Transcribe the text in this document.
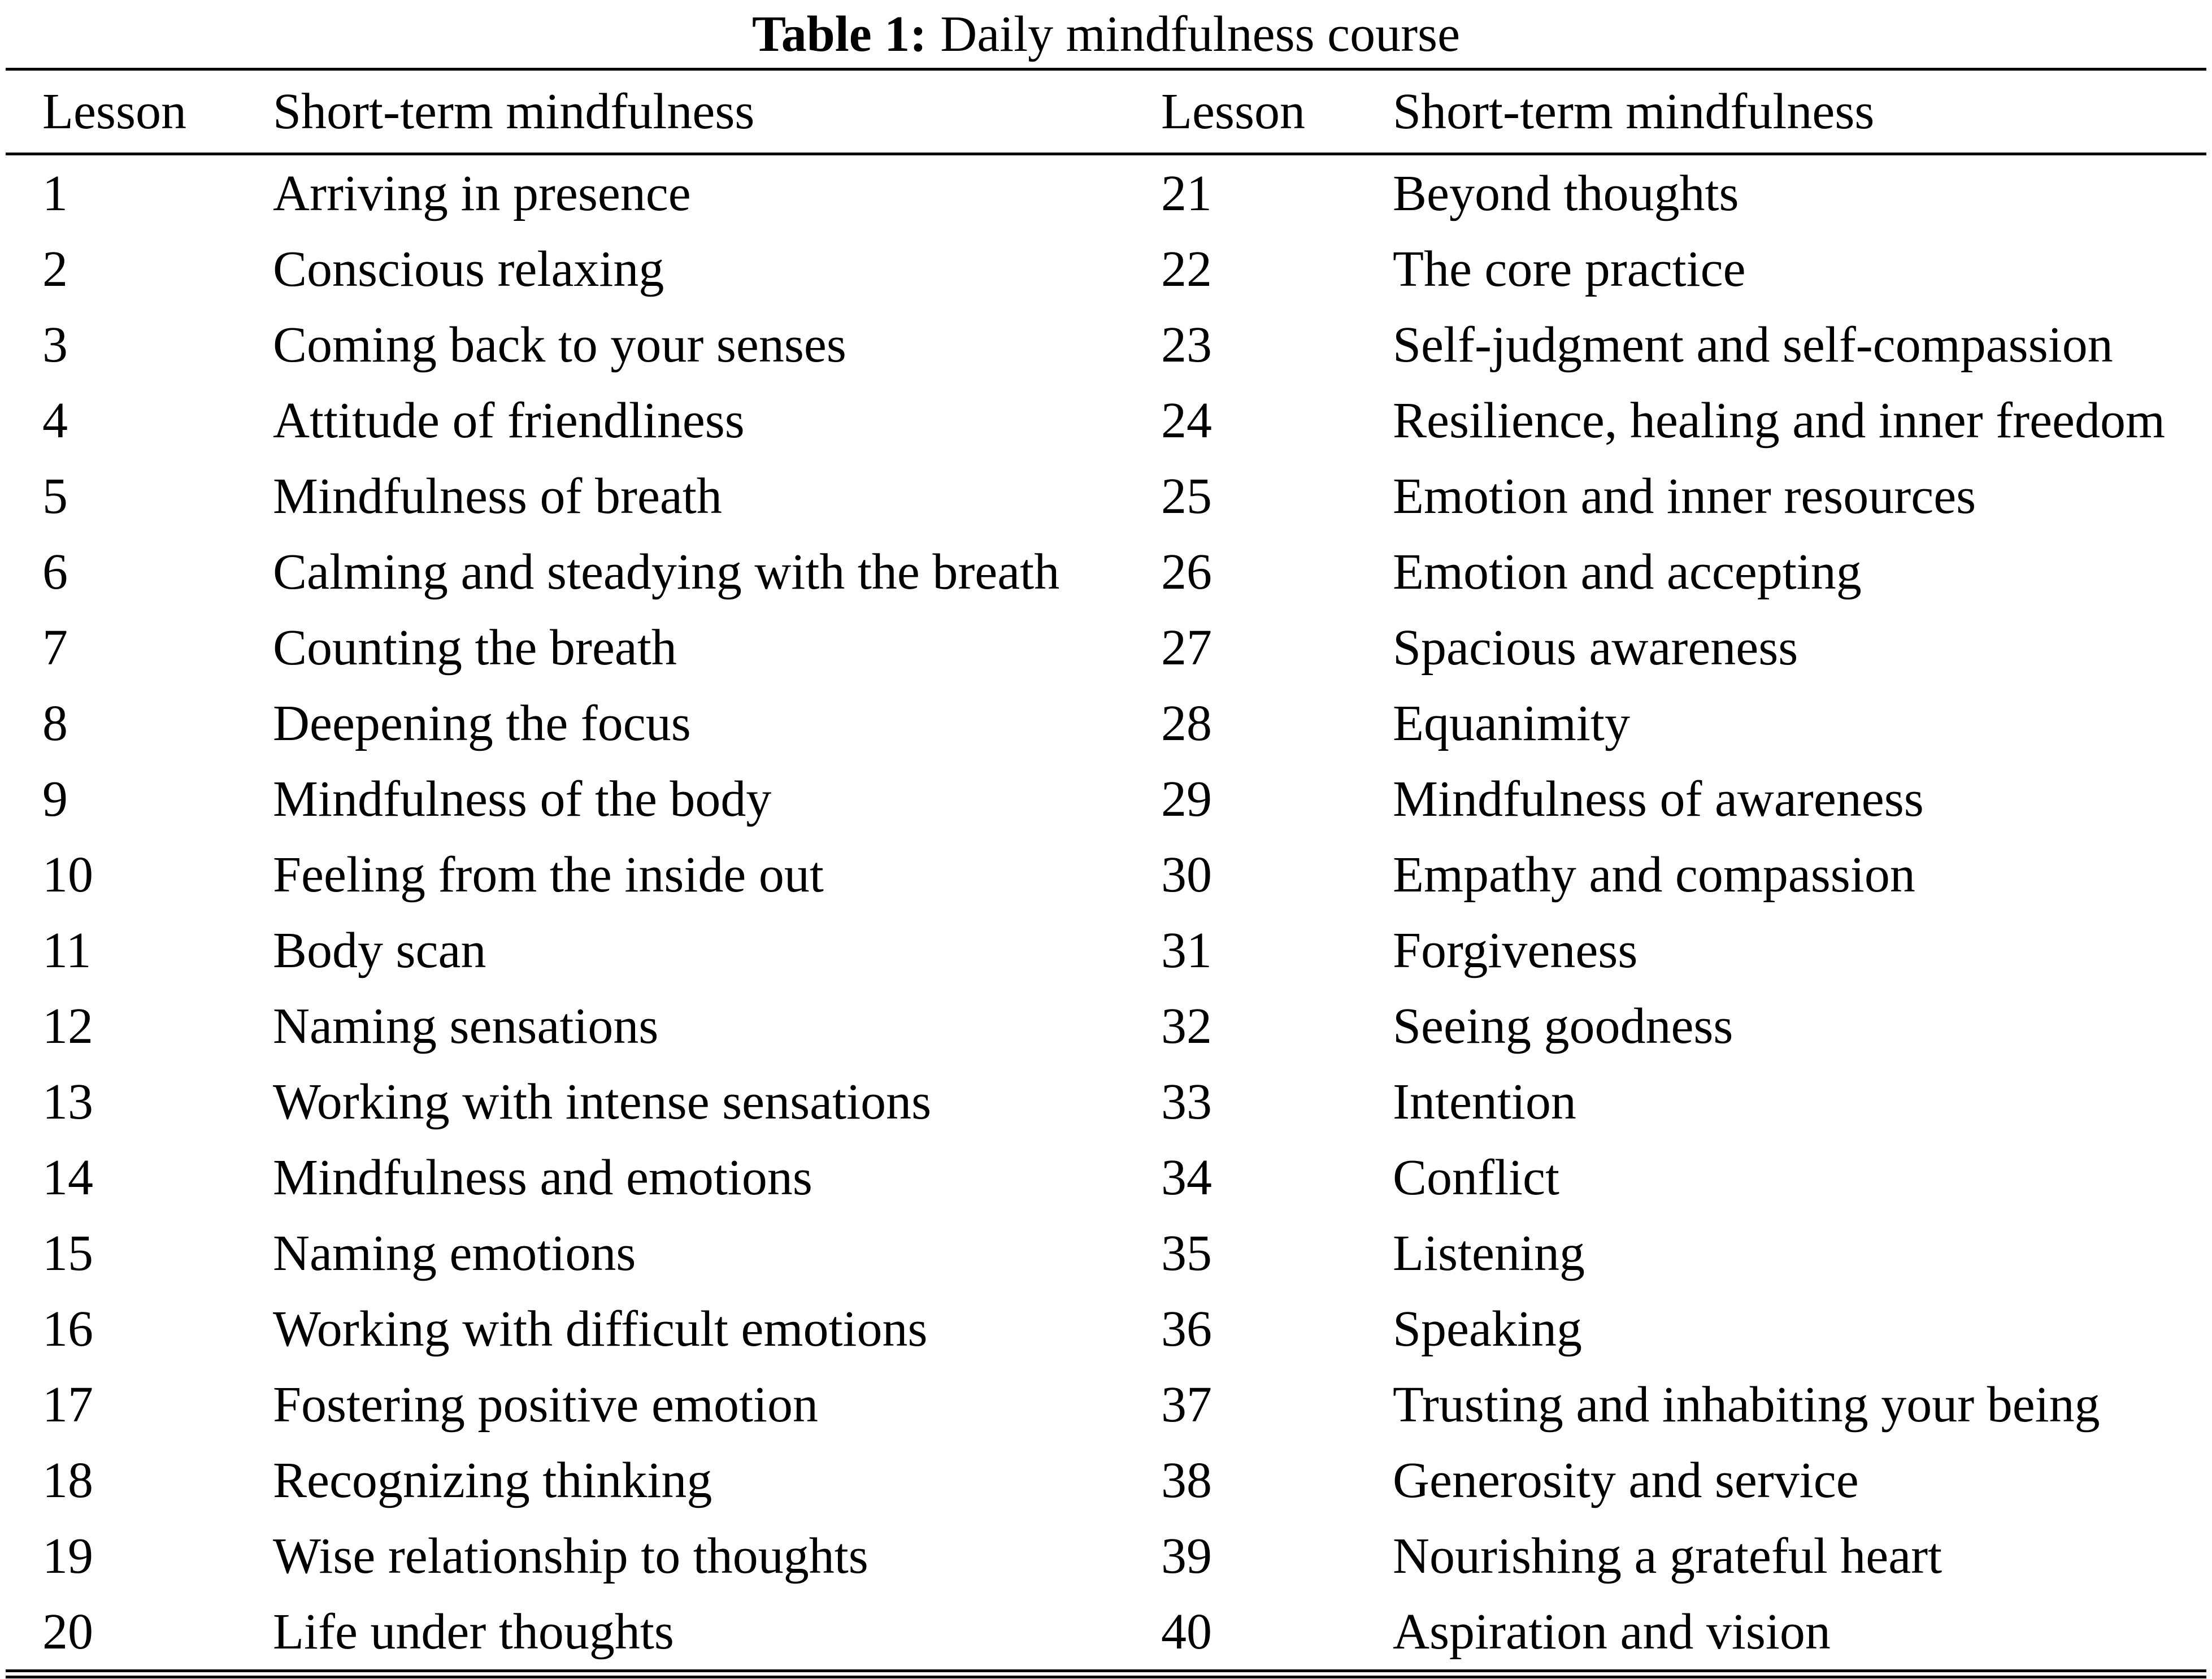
Table 1: Daily mindfulness course
Lesson	Short-term mindfulness	Lesson	Short-term mindfulness
1	Arriving in presence	21	Beyond thoughts
2	Conscious relaxing	22	The core practice
3	Coming back to your senses	23	Self-judgment and self-compassion
4	Attitude of friendliness	24	Resilience, healing and inner freedom
5	Mindfulness of breath	25	Emotion and inner resources
6	Calming and steadying with the breath	26	Emotion and accepting
7	Counting the breath	27	Spacious awareness
8	Deepening the focus	28	Equanimity
9	Mindfulness of the body	29	Mindfulness of awareness
10	Feeling from the inside out	30	Empathy and compassion
11	Body scan	31	Forgiveness
12	Naming sensations	32	Seeing goodness
13	Working with intense sensations	33	Intention
14	Mindfulness and emotions	34	Conflict
15	Naming emotions	35	Listening
16	Working with difficult emotions	36	Speaking
17	Fostering positive emotion	37	Trusting and inhabiting your being
18	Recognizing thinking	38	Generosity and service
19	Wise relationship to thoughts	39	Nourishing a grateful heart
20	Life under thoughts	40	Aspiration and vision
